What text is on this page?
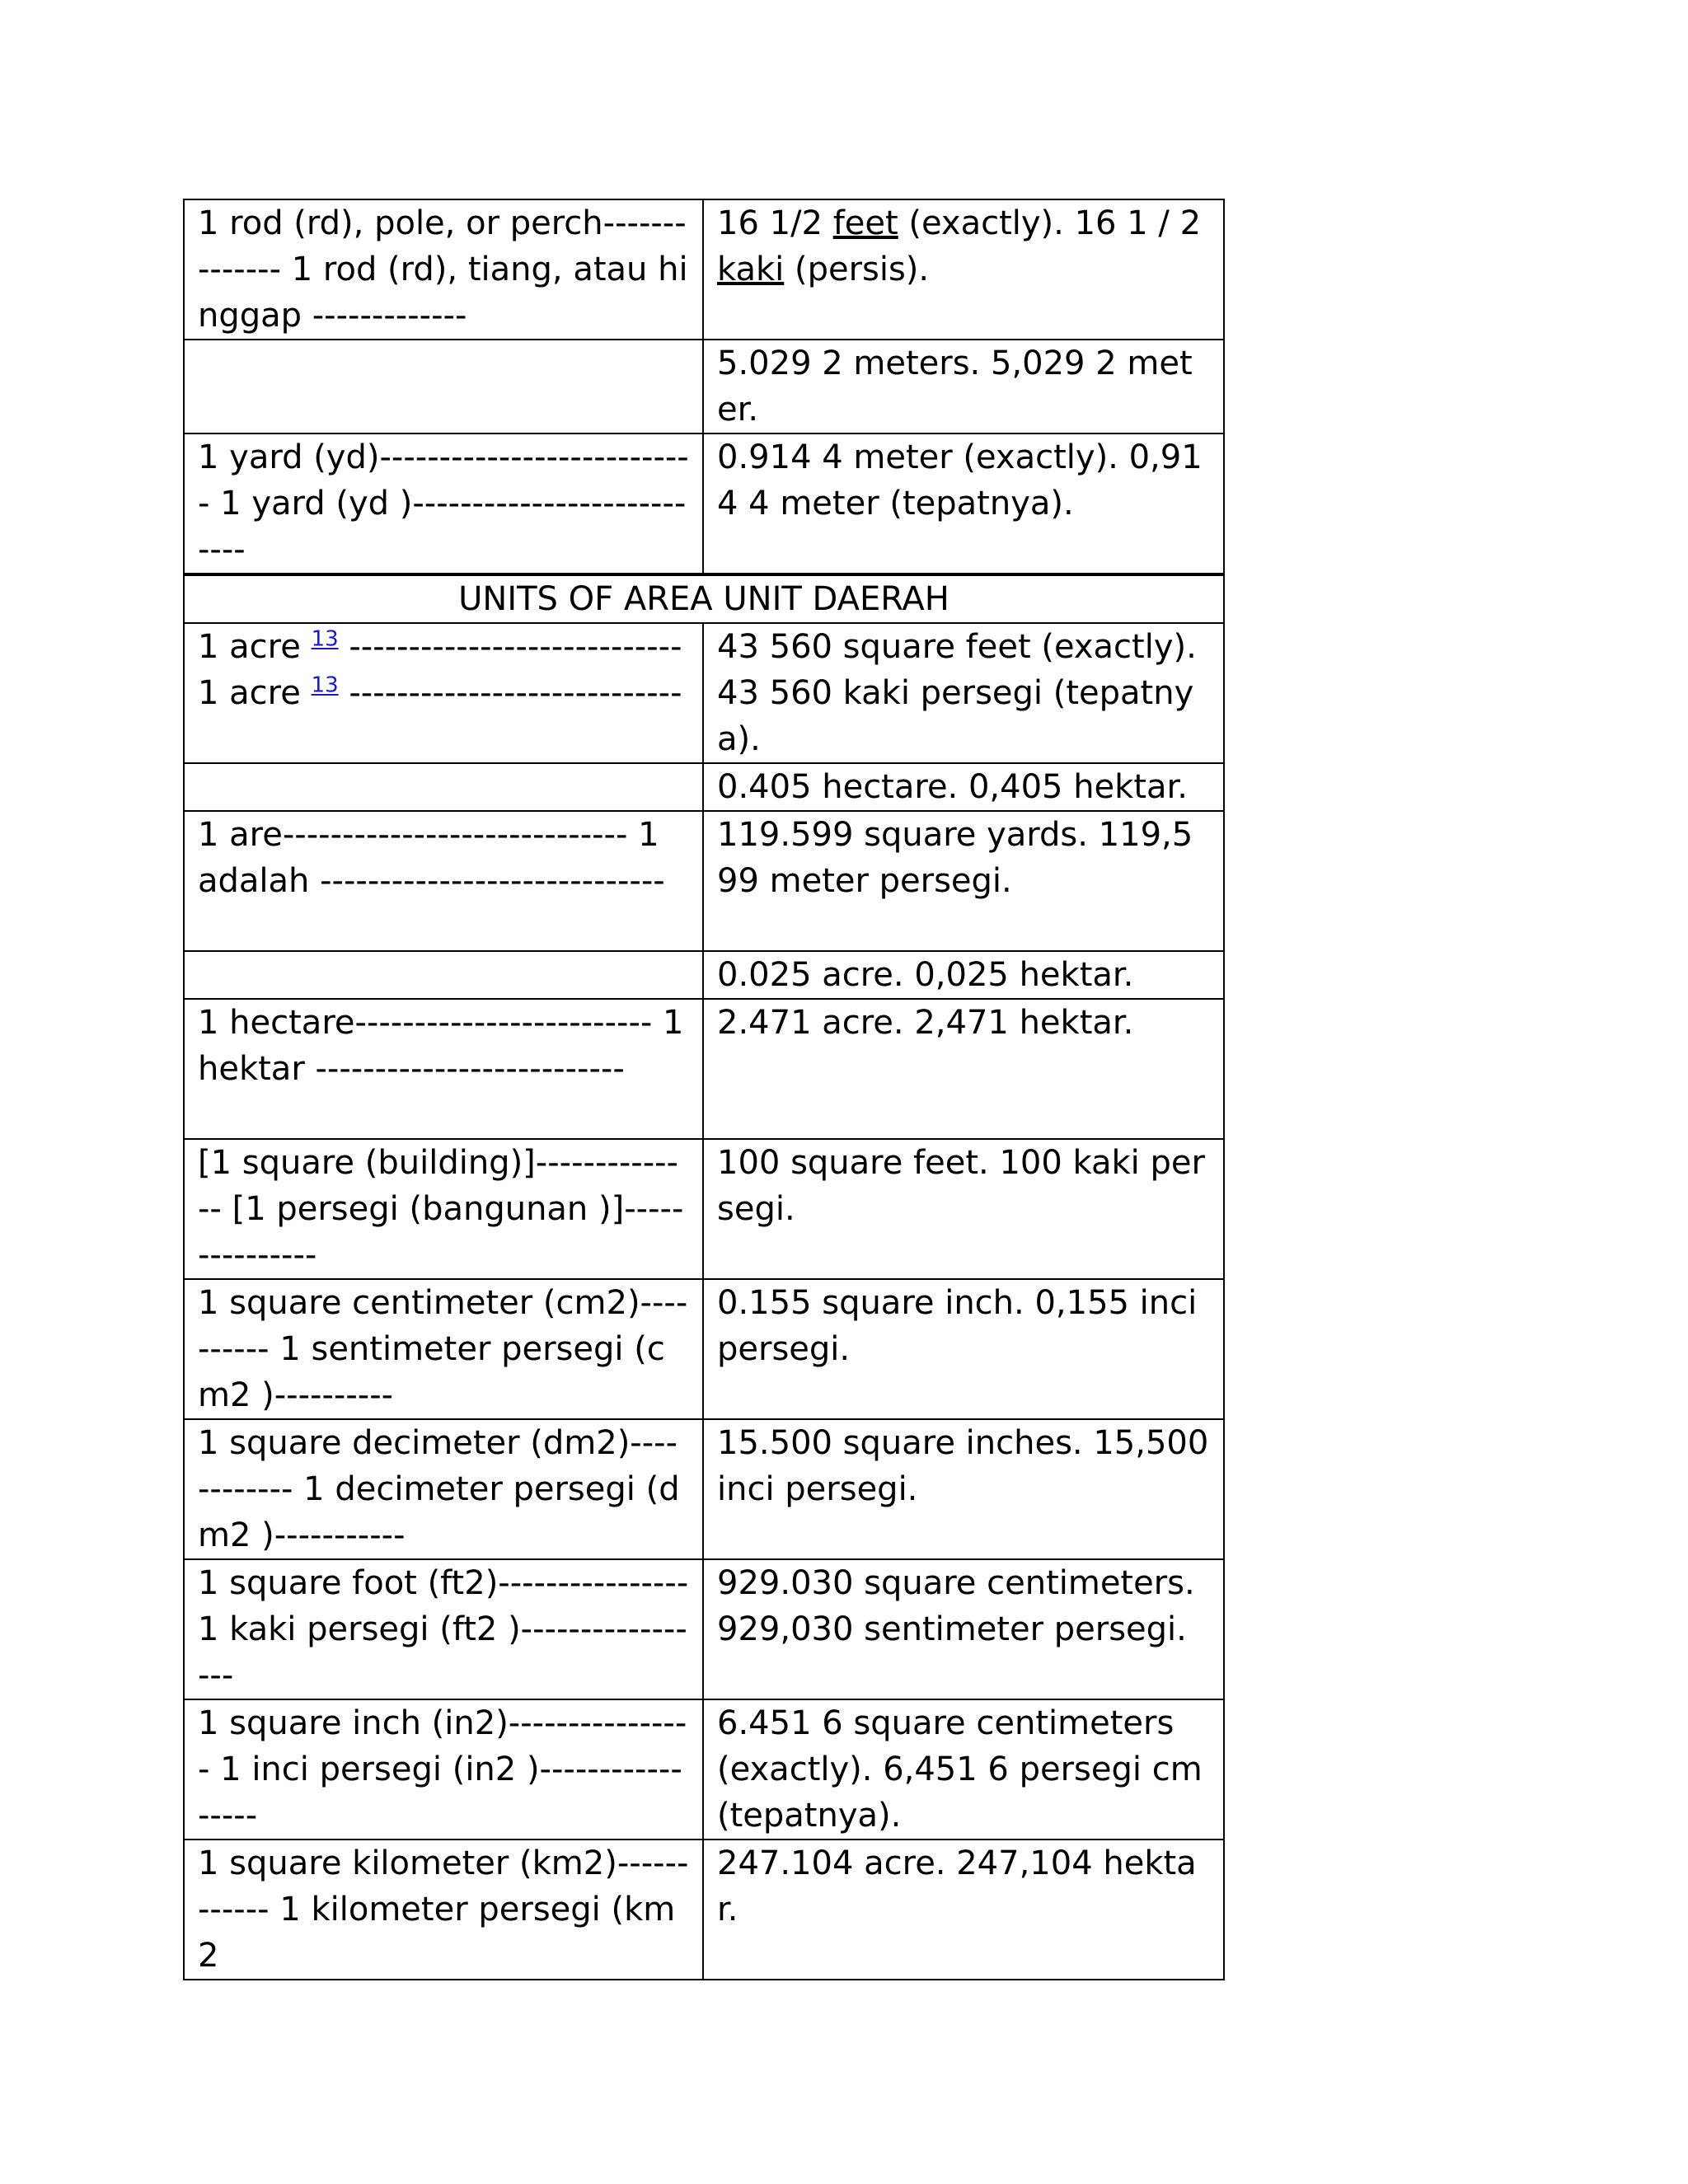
1 rod (rd), pole, or perch-------------- 1 rod (rd), tiang, atau hinggap -------------	16 1/2 feet (exactly). 16 1 / 2 kaki (persis).
	5.029 2 meters. 5,029 2 meter.
1 yard (yd)--------------------------- 1 yard (yd )---------------------------	0.914 4 meter (exactly). 0,914 4 meter (tepatnya).
UNITS OF AREA UNIT DAERAH	
1 acre $^{13}$ ---------------------------- 1 acre $^{13}$ ----------------------------	43 560 square feet (exactly). 43 560 kaki persegi (tepatnya).
	0.405 hectare. 0,405 hektar.
1 are----------------------------- 1 adalah -----------------------------	119.599 square yards. 119,599 meter persegi.
	0.025 acre. 0,025 hektar.
1 hectare------------------------- 1 hektar --------------------------	2.471 acre. 2,471 hektar.
[1 square (building)]-------------- [1 persegi (bangunan )]---------------	100 square feet. 100 kaki persegi.
1 square centimeter (cm2)---------- 1 sentimeter persegi (cm2 )----------	0.155 square inch. 0,155 inci persegi.
1 square decimeter (dm2)------------ 1 decimeter persegi (dm2 )-----------	15.500 square inches. 15,500 inci persegi.
1 square foot (ft2)---------------- 1 kaki persegi (ft2 )-----------------	929.030 square centimeters. 929,030 sentimeter persegi.
1 square inch (in2)---------------- 1 inci persegi (in2 )-----------------	6.451 6 square centimeters (exactly). 6,451 6 persegi cm (tepatnya).
1 square kilometer (km2)------------ 1 kilometer persegi (km2	247.104 acre. 247,104 hektar.
